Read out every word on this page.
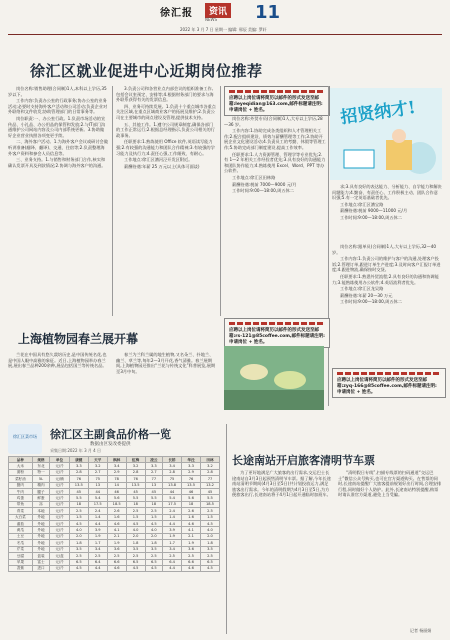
徐汇报	资讯
NEWS 11
2022 年 3 月 7 日 星期一 编辑: 邢辰 美编: 罗轩
徐汇区就业促进中心近期岗位推荐

岗位名称:销售助理(合同制)1人,本科以上学历,35 岁以下。

工作内容:负责办公室的行政事务;协办公室的业务活动;必要时支持海外客户活动和公司活动;负责企业对外联络和文件收发;协助管理部门的日常事务等。

岗位职责:一、办公室行政。1.负责市场活动的宣传品、小礼品、办公用品的保管和发放;2.与IT部门沟通维护公司网站内容及公司内部系统更新。3.协助做好企业营业执照各项变更手续。

二、海外客户活动。1.为海外客户会议或研讨会做听讲准备(翻译、翻译)、交通、住宿等;2.负责整理海外客户资料和参会人员信息等。

三、业务支持。1.与销售和财务部门合作,核实和确认发票开具及到款情况;2.协调与海外客户的沟通。

3.负责公司和各营业点内部会议的组织准备工作,包括会议室预定、安排等;4.根据财务部门的要求与海外联系获得有关的发票信息。

四、业务可持续发展。1.负责十个重点城市各重点关注区域,在重点区域商业客户的拓展及维护;2.负责公司在主要城市的网点建设及管理,提供技术支持。

五、其他工作。1.遵守公司规章制度,确保各部门的工作正常运行;2.根据总经理指示,负责公司相关的行政事务。

任职要求:1.熟练使用 Office 软件,英语读写能力强;2.有较强的沟通能力和团队合作精神;3.有较强的学习能力及执行力;4.责任心强,工作细致、有耐心。

工作地点:徐汇区漕河泾开发区附近。

薪酬待遇:年薪 25 万元以上(具体可面谈)

应聘以上岗位请将简历以邮件的形式发送至邮箱:leyeqidian@163.com,邮件标题请注明:申请岗位 + 姓名。

岗位名称:外贸专员(合同制)1人,大专以上学历,28—36 岁。

工作内容:1.协助完成各类组织和人才管理相关工作;2.配合组织建设、绩效与薪酬管理等工作;3.协助开展企业文化建设活动;4.负责员工的考勤、休假等管理工作;5.协助完成部门制度建设,提高工作效率。

任职要求:1.人力资源管理、管理学等专业优先;2.有 1—2 年相关工作经验者优先;3.具有良好的沟通能力和团队协作能力;4.熟练使用 Excel、Word、PPT 等办公软件。

工作地点:徐汇区田林路

薪酬待遇:税前 7000—9000 元/月

工作时间:9:00—18:00,周五休二

招贤纳才!

求;3.具有良好的表达能力、分析能力、自学能力和解决问题能力;4.勤奋、有责任心、工作积极主动、团队合作意识强;5.有一定英语基础者优先。

工作地点:徐汇区漕宝路

薪酬待遇:税前 9000—11000 元/月

工作时间:9:00—18:00,周五休二

岗位名称:跟单员(合同制)1人,大专以上学历,32—40 岁。

工作内容:1.负责公司的维护与客户的沟通,处理客户投诉;2.管理订单,跟进订单生产进度;3.及时向客户汇报订单进度;4.跟进物流,确保按时交货。

任职要求:1.熟悉外贸流程;2.具有良好的沟通和协调能力;3.能熟练使用办公软件;4.英语流利者优先。

工作地点:徐汇区龙吴路

薪酬待遇:年薪 20—30 万元

工作时间:9:00—18:00,周五休二

应聘以上岗位请将简历以邮件的形式发送至邮箱:rs-121@85coffee.com,邮件标题请注明:申请岗位 + 姓名。
应聘以上岗位请将简历以邮件的形式发送至邮箱:zyq-166@85coffee.com,邮件标题请注明:申请岗位 + 姓名。
上海植物园春兰展开幕

兰花在中国具有悠久栽培历史,是中国传统名花,也是中国人眼中高雅的象征。近日,上海植物园举办春兰展,展出春兰品种200余种,展品包括国兰等传统名品。

春兰为兰科兰属的地生植物,又名朵兰、扑地兰、幽兰、草兰等,每年2—3月开花,香气清雅。春兰展期间,上海植物园还推出“兰花与传统文化”科普展览,展期至3月中旬。

徐汇区菜市场	徐汇区主副食品价格一览
数据由区发改委提供
采集日期:2022 年 3 月 4 日
品种	规格	单位	康健	天平	枫林	虹梅	凌云	长桥	华泾	田林
大米	东北	元/斤	3.3	3.2	3.4	3.2	3.3	3.4	3.3	3.2
面粉	特一	元/斤	2.8	2.7	2.9	2.8	2.7	2.8	2.9	2.8
菜籽油	5L	元/桶	76	75	78	76	77	75	76	77
猪肉	精肉	元/斤	13.5	13	14	13.5	13	13.8	13.5	13.2
牛肉	腱子	元/斤	45	44	46	45	45	44	46	45
鸡蛋	鲜蛋	元/斤	5.5	5.4	5.6	5.5	5.5	5.4	5.6	5.5
带鱼	冻	元/斤	18	17.5	18.5	18	18	17.5	18	18.5
青菜	本地	元/斤	2.5	2.4	2.6	2.5	2.5	2.4	2.6	2.5
大白菜	外地	元/斤	1.5	1.4	1.6	1.5	1.5	1.4	1.6	1.5
番茄	外地	元/斤	4.5	4.4	4.6	4.5	4.5	4.4	4.6	4.5
黄瓜	外地	元/斤	4.0	3.9	4.1	4.0	4.0	3.9	4.1	4.0
土豆	外地	元/斤	2.0	1.9	2.1	2.0	2.0	1.9	2.1	2.0
冬瓜	外地	元/斤	1.8	1.7	1.9	1.8	1.8	1.7	1.9	1.8
芹菜	外地	元/斤	3.5	3.4	3.6	3.5	3.5	3.4	3.6	3.5
豆腐	盒装	元/盒	2.5	2.5	2.5	2.5	2.5	2.5	2.5	2.5
苹果	富士	元/斤	6.5	6.4	6.6	6.5	6.5	6.4	6.6	6.5
香蕉	进口	元/斤	4.5	4.4	4.6	4.5	4.5	4.4	4.6	4.5
长途南站开启旅客清明节车票

为了更好地满足广大旅客的出行需求,交运巴士长途南站自3月3日起预售清明节车票。据了解,今年长途南站清明节期间(4月3日至5日)共计划投放运力,满足旅客出行需求。今年的清明假期为4月3日至5日,为方便旅客出行,长途南站将于4月1日起开通临时加班车。

“清明假日专线”,扫描专线票的扫码通道“交运巴士”微信公众号购买,也可在官方渠道购买。在售票的同时,长途南站提醒广大旅客提前规划好出行时间,合理安排行程,同时做好个人防护。此外,长途南站特别提醒,购票时请认准官方渠道,避免上当受骗。

记者 杨丽娟
